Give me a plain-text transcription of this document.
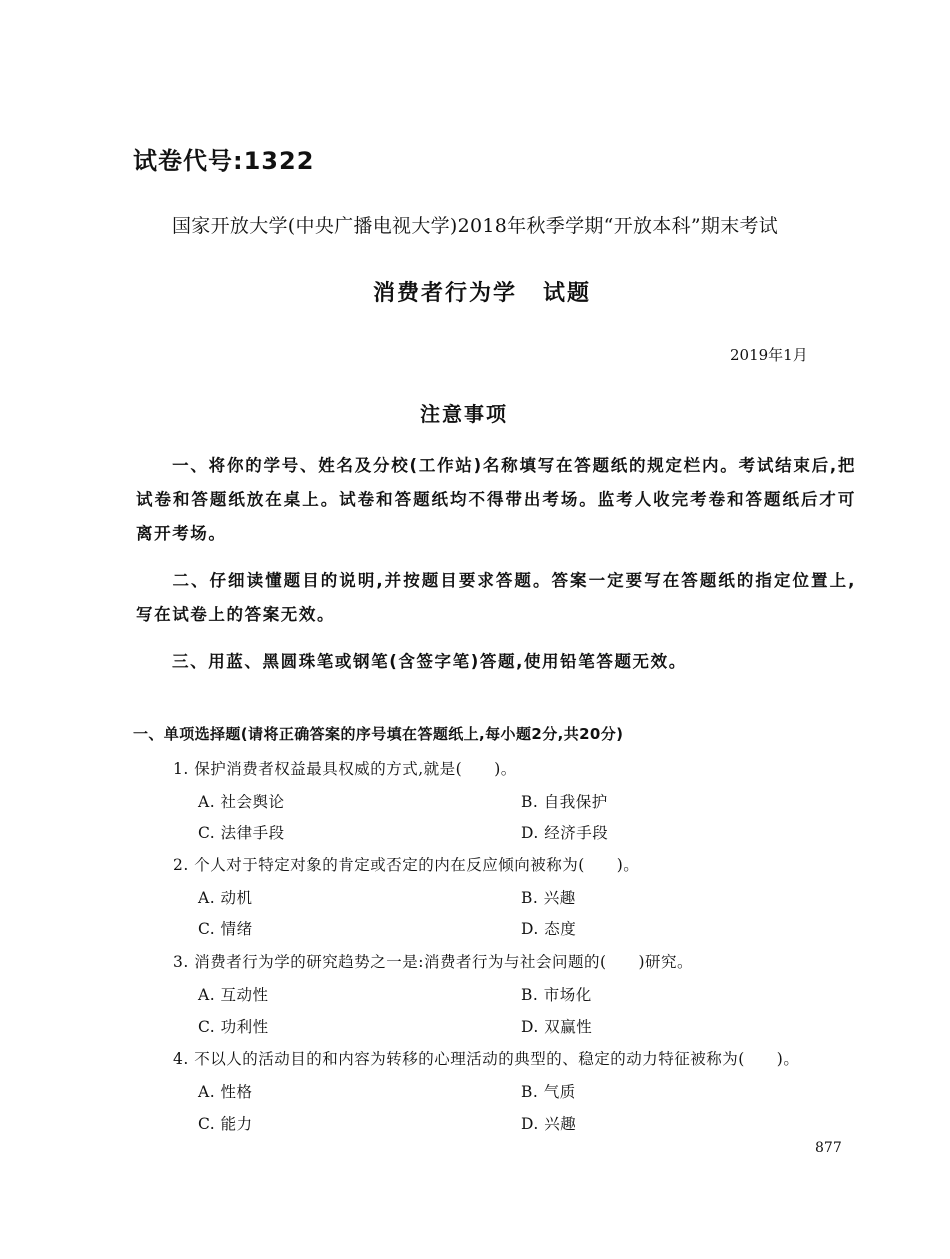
试卷代号:1322
国家开放大学(中央广播电视大学)2018年秋季学期“开放本科”期末考试
消费者行为学 试题
2019年1月
注意事项
一、将你的学号、姓名及分校(工作站)名称填写在答题纸的规定栏内。考试结束后,把试卷和答题纸放在桌上。试卷和答题纸均不得带出考场。监考人收完考卷和答题纸后才可离开考场。
二、仔细读懂题目的说明,并按题目要求答题。答案一定要写在答题纸的指定位置上,写在试卷上的答案无效。
三、用蓝、黑圆珠笔或钢笔(含签字笔)答题,使用铅笔答题无效。
一、单项选择题(请将正确答案的序号填在答题纸上,每小题2分,共20分)
1. 保护消费者权益最具权威的方式,就是(　　)。
A. 社会舆论	B. 自我保护
C. 法律手段	D. 经济手段
2. 个人对于特定对象的肯定或否定的内在反应倾向被称为(　　)。
A. 动机	B. 兴趣
C. 情绪	D. 态度
3. 消费者行为学的研究趋势之一是:消费者行为与社会问题的(　　)研究。
A. 互动性	B. 市场化
C. 功利性	D. 双赢性
4. 不以人的活动目的和内容为转移的心理活动的典型的、稳定的动力特征被称为(　　)。
A. 性格	B. 气质
C. 能力	D. 兴趣
877
